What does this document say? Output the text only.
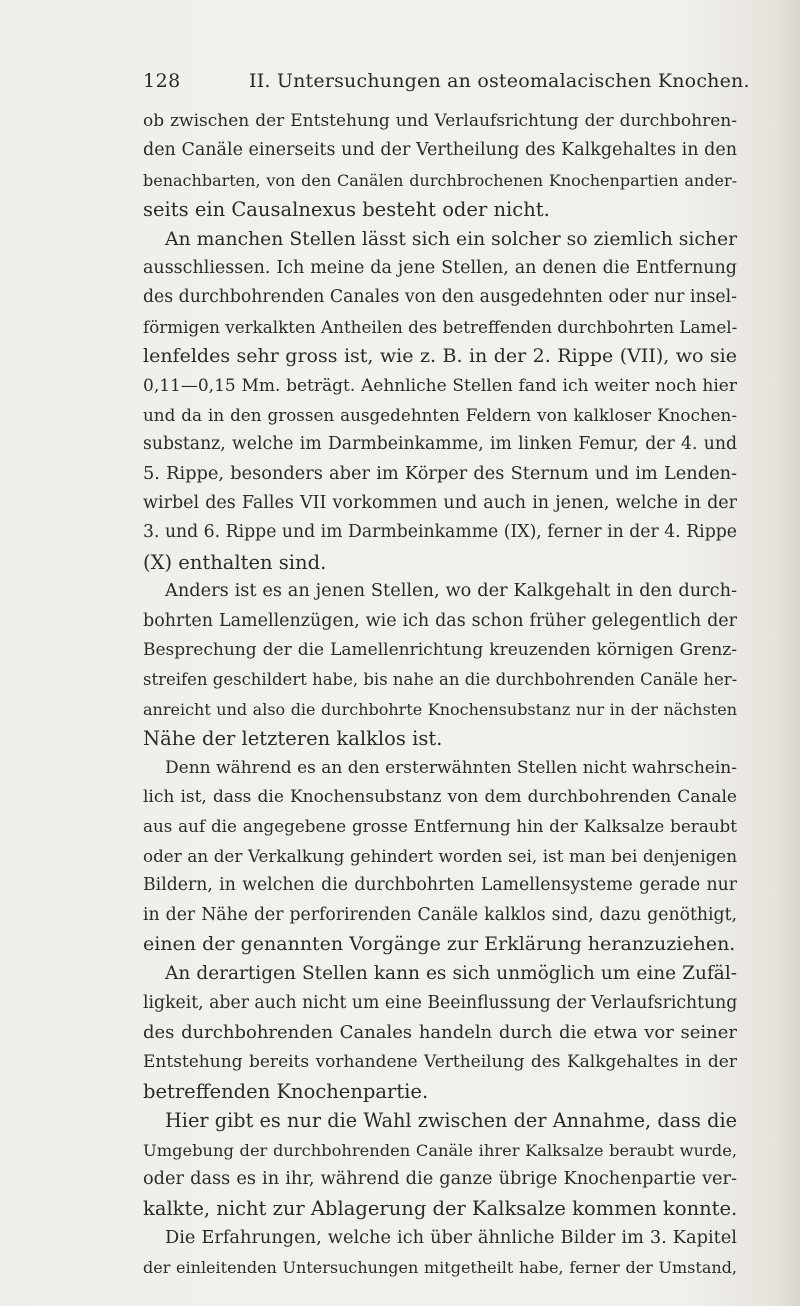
128	II. Untersuchungen an osteomalacischen Knochen.
ob zwischen der Entstehung und Verlaufsrichtung der durchbohren-
den Canäle einerseits und der Vertheilung des Kalkgehaltes in den
benachbarten, von den Canälen durchbrochenen Knochenpartien ander-
seits ein Causalnexus besteht oder nicht.
An manchen Stellen lässt sich ein solcher so ziemlich sicher
ausschliessen. Ich meine da jene Stellen, an denen die Entfernung
des durchbohrenden Canales von den ausgedehnten oder nur insel-
förmigen verkalkten Antheilen des betreffenden durchbohrten Lamel-
lenfeldes sehr gross ist, wie z. B. in der 2. Rippe (VII), wo sie
0,11—0,15 Mm. beträgt. Aehnliche Stellen fand ich weiter noch hier
und da in den grossen ausgedehnten Feldern von kalkloser Knochen-
substanz, welche im Darmbeinkamme, im linken Femur, der 4. und
5. Rippe, besonders aber im Körper des Sternum und im Lenden-
wirbel des Falles VII vorkommen und auch in jenen, welche in der
3. und 6. Rippe und im Darmbeinkamme (IX), ferner in der 4. Rippe
(X) enthalten sind.
Anders ist es an jenen Stellen, wo der Kalkgehalt in den durch-
bohrten Lamellenzügen, wie ich das schon früher gelegentlich der
Besprechung der die Lamellenrichtung kreuzenden körnigen Grenz-
streifen geschildert habe, bis nahe an die durchbohrenden Canäle her-
anreicht und also die durchbohrte Knochensubstanz nur in der nächsten
Nähe der letzteren kalklos ist.
Denn während es an den ersterwähnten Stellen nicht wahrschein-
lich ist, dass die Knochensubstanz von dem durchbohrenden Canale
aus auf die angegebene grosse Entfernung hin der Kalksalze beraubt
oder an der Verkalkung gehindert worden sei, ist man bei denjenigen
Bildern, in welchen die durchbohrten Lamellensysteme gerade nur
in der Nähe der perforirenden Canäle kalklos sind, dazu genöthigt,
einen der genannten Vorgänge zur Erklärung heranzuziehen.
An derartigen Stellen kann es sich unmöglich um eine Zufäl-
ligkeit, aber auch nicht um eine Beeinflussung der Verlaufsrichtung
des durchbohrenden Canales handeln durch die etwa vor seiner
Entstehung bereits vorhandene Vertheilung des Kalkgehaltes in der
betreffenden Knochenpartie.
Hier gibt es nur die Wahl zwischen der Annahme, dass die
Umgebung der durchbohrenden Canäle ihrer Kalksalze beraubt wurde,
oder dass es in ihr, während die ganze übrige Knochenpartie ver-
kalkte, nicht zur Ablagerung der Kalksalze kommen konnte.
Die Erfahrungen, welche ich über ähnliche Bilder im 3. Kapitel
der einleitenden Untersuchungen mitgetheilt habe, ferner der Umstand,
